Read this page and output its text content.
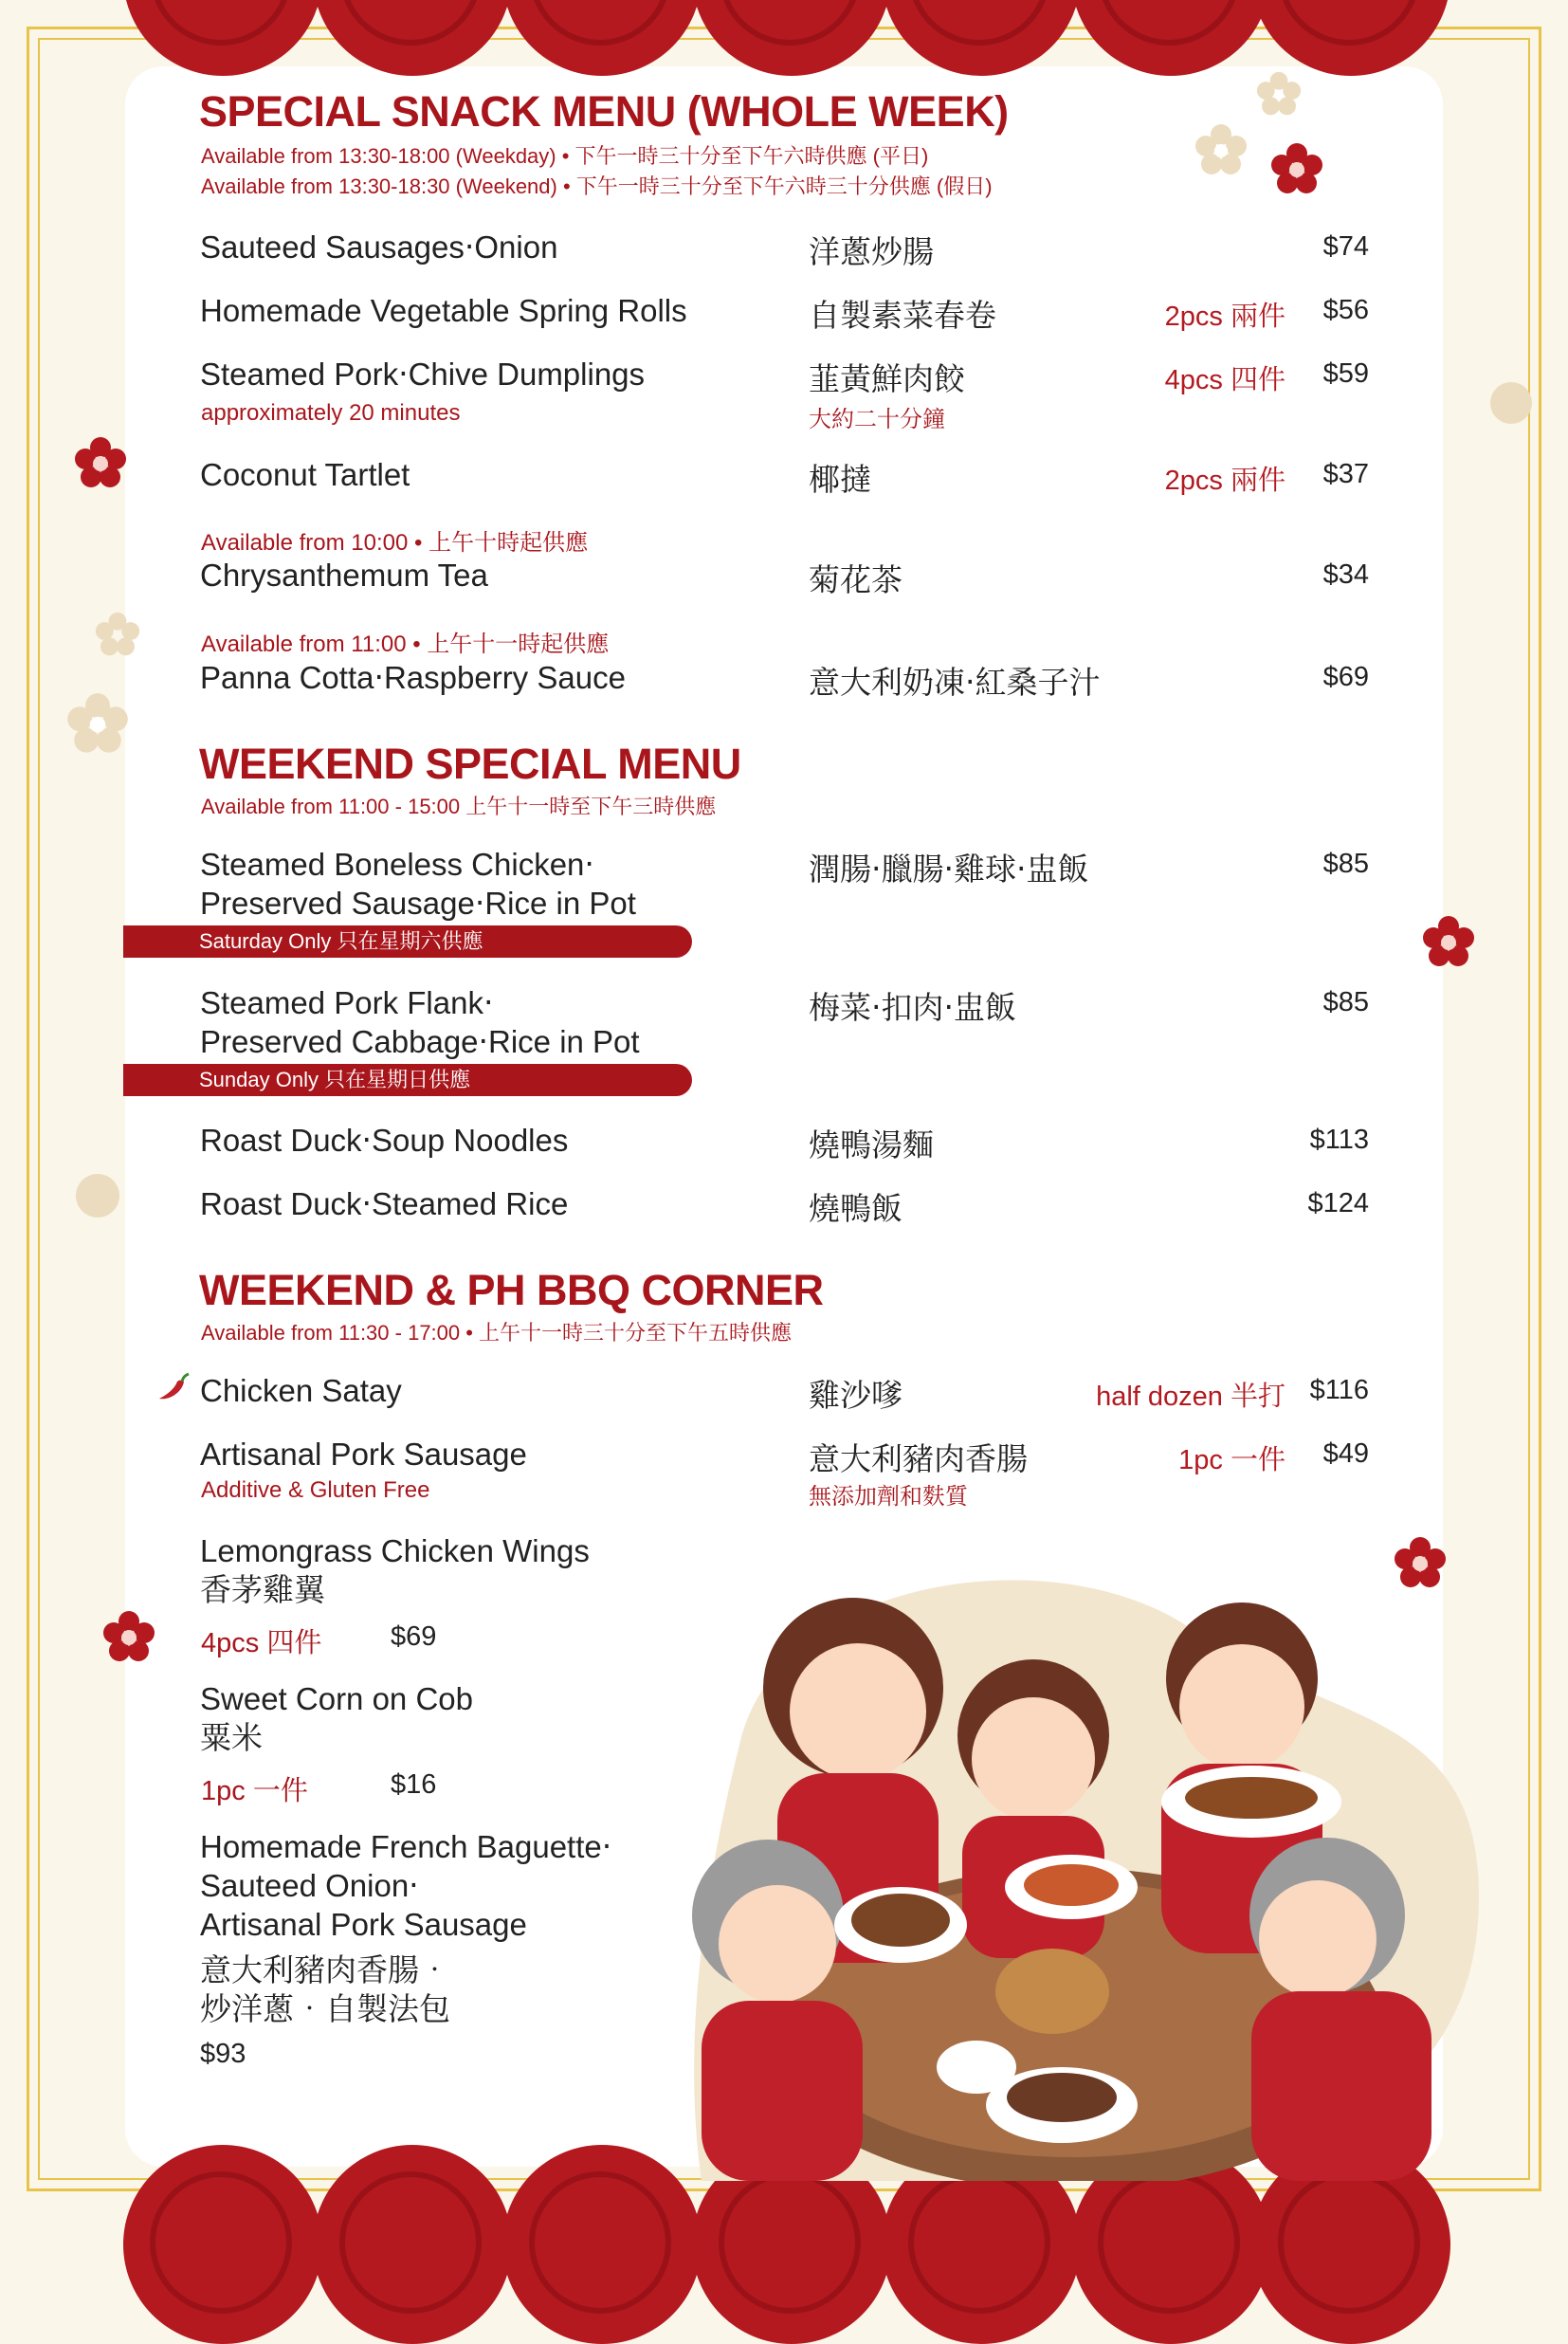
SPECIAL SNACK MENU (WHOLE WEEK)
Available from 13:30-18:00 (Weekday) • 下午一時三十分至下午六時供應 (平日)
Available from 13:30-18:30 (Weekend) • 下午一時三十分至下午六時三十分供應 (假日)
Sauteed Sausages‧Onion	洋蔥炒腸	$74
Homemade Vegetable Spring Rolls	自製素菜春卷	2pcs 兩件 $56
Steamed Pork‧Chive Dumplings	韮黃鮮肉餃	4pcs 四件 $59
approximately 20 minutes	大約二十分鐘
Coconut Tartlet	椰撻	2pcs 兩件 $37
Available from 10:00 • 上午十時起供應
Chrysanthemum Tea	菊花茶	$34
Available from 11:00 • 上午十一時起供應
Panna Cotta‧Raspberry Sauce	意大利奶凍‧紅桑子汁	$69
WEEKEND SPECIAL MENU
Available from 11:00 - 15:00 上午十一時至下午三時供應
Steamed Boneless Chicken‧
Preserved Sausage‧Rice in Pot
潤腸‧臘腸‧雞球‧盅飯	$85
Saturday Only 只在星期六供應
Steamed Pork Flank‧
Preserved Cabbage‧Rice in Pot
梅菜‧扣肉‧盅飯	$85
Sunday Only 只在星期日供應
Roast Duck‧Soup Noodles	燒鴨湯麵	$113
Roast Duck‧Steamed Rice	燒鴨飯	$124
WEEKEND & PH BBQ CORNER
Available from 11:30 - 17:00 • 上午十一時三十分至下午五時供應
Chicken Satay	雞沙嗲	half dozen 半打 $116
Artisanal Pork Sausage	意大利豬肉香腸	1pc 一件 $49
Additive & Gluten Free	無添加劑和麩質
Lemongrass Chicken Wings
香茅雞翼
4pcs 四件	$69
Sweet Corn on Cob
粟米
1pc 一件	$16
Homemade French Baguette‧
Sauteed Onion‧
Artisanal Pork Sausage
意大利豬肉香腸‧
炒洋蔥‧自製法包
$93
